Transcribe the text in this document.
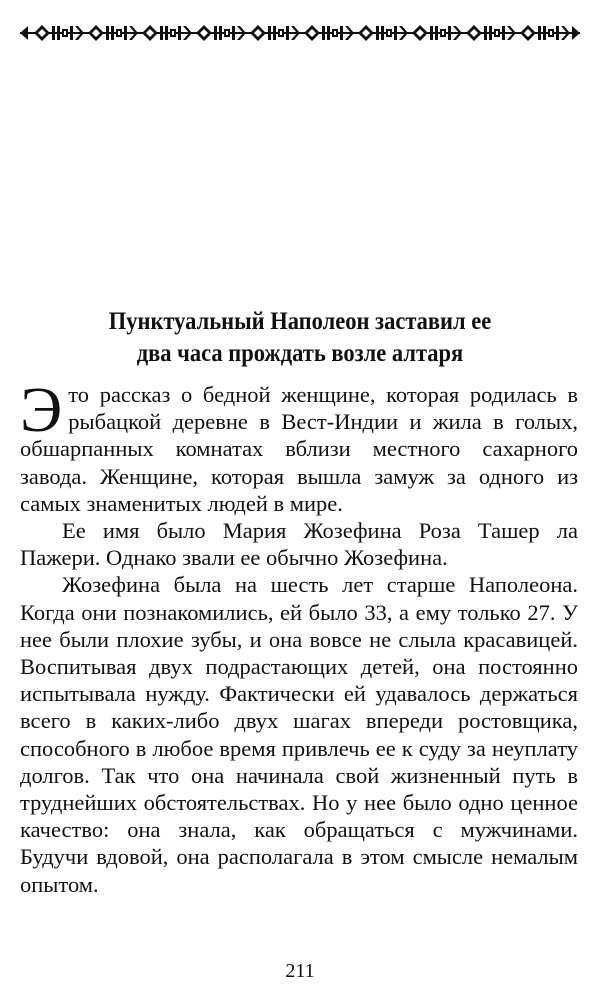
Пунктуальный Наполеон заставил ее
два часа прождать возле алтаря

Э то рассказ о бедной женщине, которая родилась в рыбацкой деревне в Вест-Индии и жила в голых, обшарпанных комнатах вблизи местного сахарного завода. Женщине, которая вышла замуж за одного из самых знаменитых людей в мире.

Ее имя было Мария Жозефина Роза Ташер ла Пажери. Однако звали ее обычно Жозефина.

Жозефина была на шесть лет старше Наполеона. Когда они познакомились, ей было 33, а ему только 27. У нее были плохие зубы, и она вовсе не слыла красавицей. Воспитывая двух подрастающих детей, она постоянно испытывала нужду. Фактически ей удавалось держаться всего в каких-либо двух шагах впереди ростовщика, способного в любое время привлечь ее к суду за неуплату долгов. Так что она начинала свой жизненный путь в труднейших обстоятельствах. Но у нее было одно ценное качество: она знала, как обращаться с мужчинами. Будучи вдовой, она располагала в этом смысле немалым опытом.

211
